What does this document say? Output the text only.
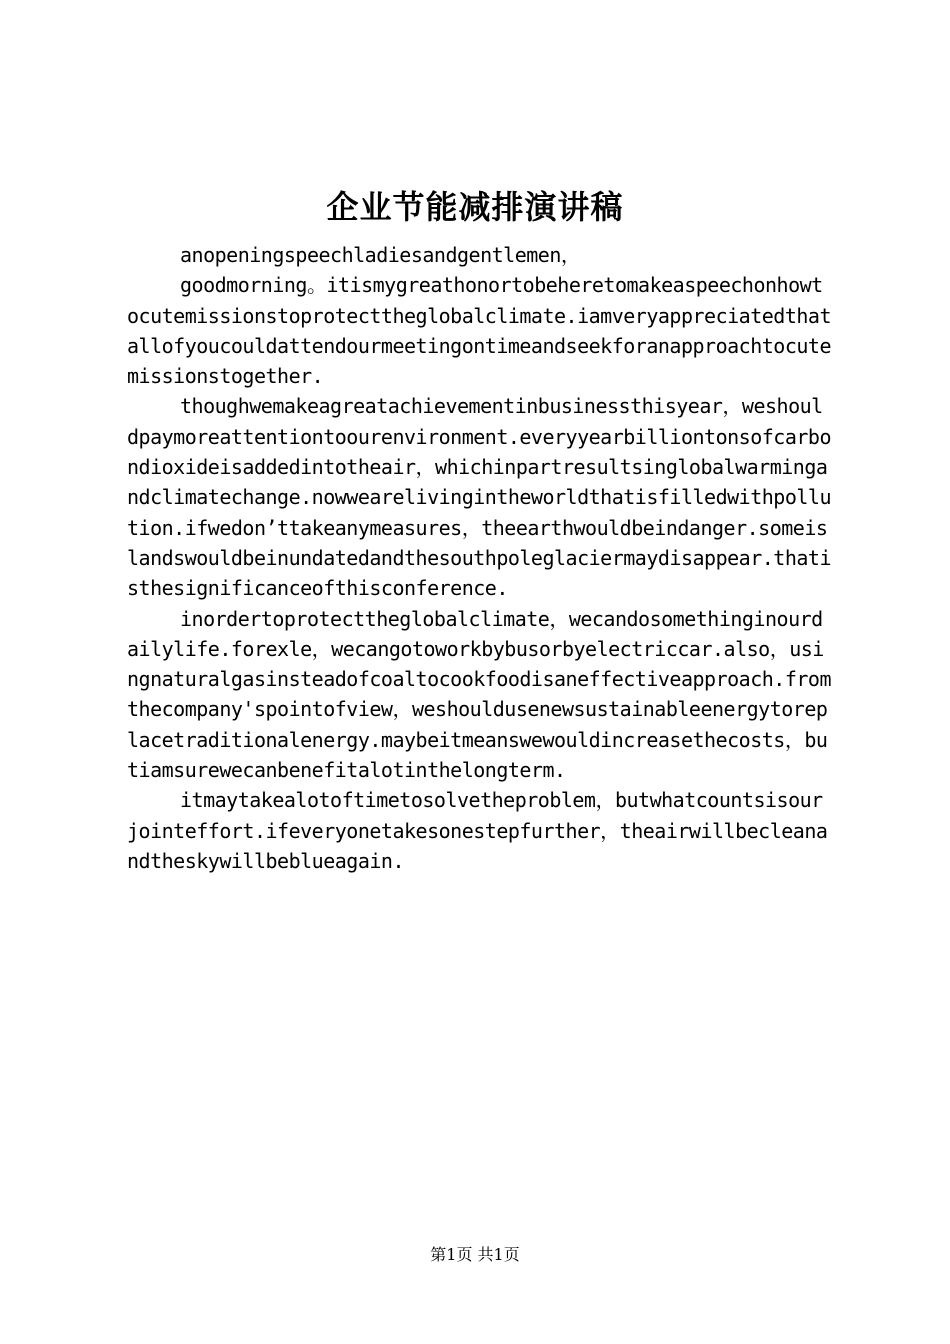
企业节能减排演讲稿

anopeningspeechladiesandgentlemen，

goodmorning。itismygreathonortobeheretomakeaspeechonhowtocutemissionstoprotecttheglobalclimate.iamveryappreciatedthatallofyoucouldattendourmeetingontimeandseekforanapproachtocutemissionstogether.

thoughwemakeagreatachievementinbusinessthisyear，weshouldpaymoreattentiontoourenvironment.everyyearbilliontonsofcarbondioxideisaddedintotheair，whichinpartresultsinglobalwarmingandclimatechange.nowwearelivingintheworldthatisfilledwithpollution.ifwedon’ttakeanymeasures，theearthwouldbeindanger.someislandswouldbeinundatedandthesouthpoleglaciermaydisappear.thatisthesignificanceofthisconference.

inordertoprotecttheglobalclimate，wecandosomethinginourdailylife.forexle，wecangotoworkbybusorbyelectriccar.also，usingnaturalgasinsteadofcoaltocookfoodisaneffectiveapproach.fromthecompany'spointofview，weshouldusenewsustainableenergytoreplacetraditionalenergy.maybeitmeanswewouldincreasethecosts，butiamsurewecanbenefitalotinthelongterm.

itmaytakealotoftimetosolvetheproblem，butwhatcountsisourjointeffort.ifeveryonetakesonestepfurther，theairwillbecleanandtheskywillbeblueagain.

第1页 共1页
